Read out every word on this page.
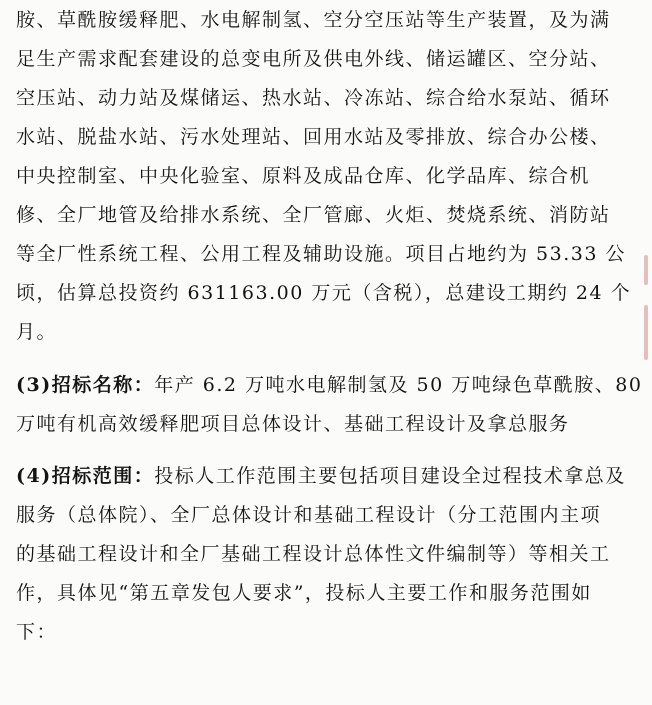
胺、草酰胺缓释肥、水电解制氢、空分空压站等生产装置，及为满
足生产需求配套建设的总变电所及供电外线、储运罐区、空分站、
空压站、动力站及煤储运、热水站、冷冻站、综合给水泵站、循环
水站、脱盐水站、污水处理站、回用水站及零排放、综合办公楼、
中央控制室、中央化验室、原料及成品仓库、化学品库、综合机
修、全厂地管及给排水系统、全厂管廊、火炬、焚烧系统、消防站
等全厂性系统工程、公用工程及辅助设施。项目占地约为 53.33 公
顷，估算总投资约 631163.00 万元（含税），总建设工期约 24 个
月。
(3)招标名称：年产 6.2 万吨水电解制氢及 50 万吨绿色草酰胺、80
万吨有机高效缓释肥项目总体设计、基础工程设计及拿总服务
(4)招标范围：投标人工作范围主要包括项目建设全过程技术拿总及
服务（总体院）、全厂总体设计和基础工程设计（分工范围内主项
的基础工程设计和全厂基础工程设计总体性文件编制等）等相关工
作，具体见“第五章发包人要求”，投标人主要工作和服务范围如
下：
